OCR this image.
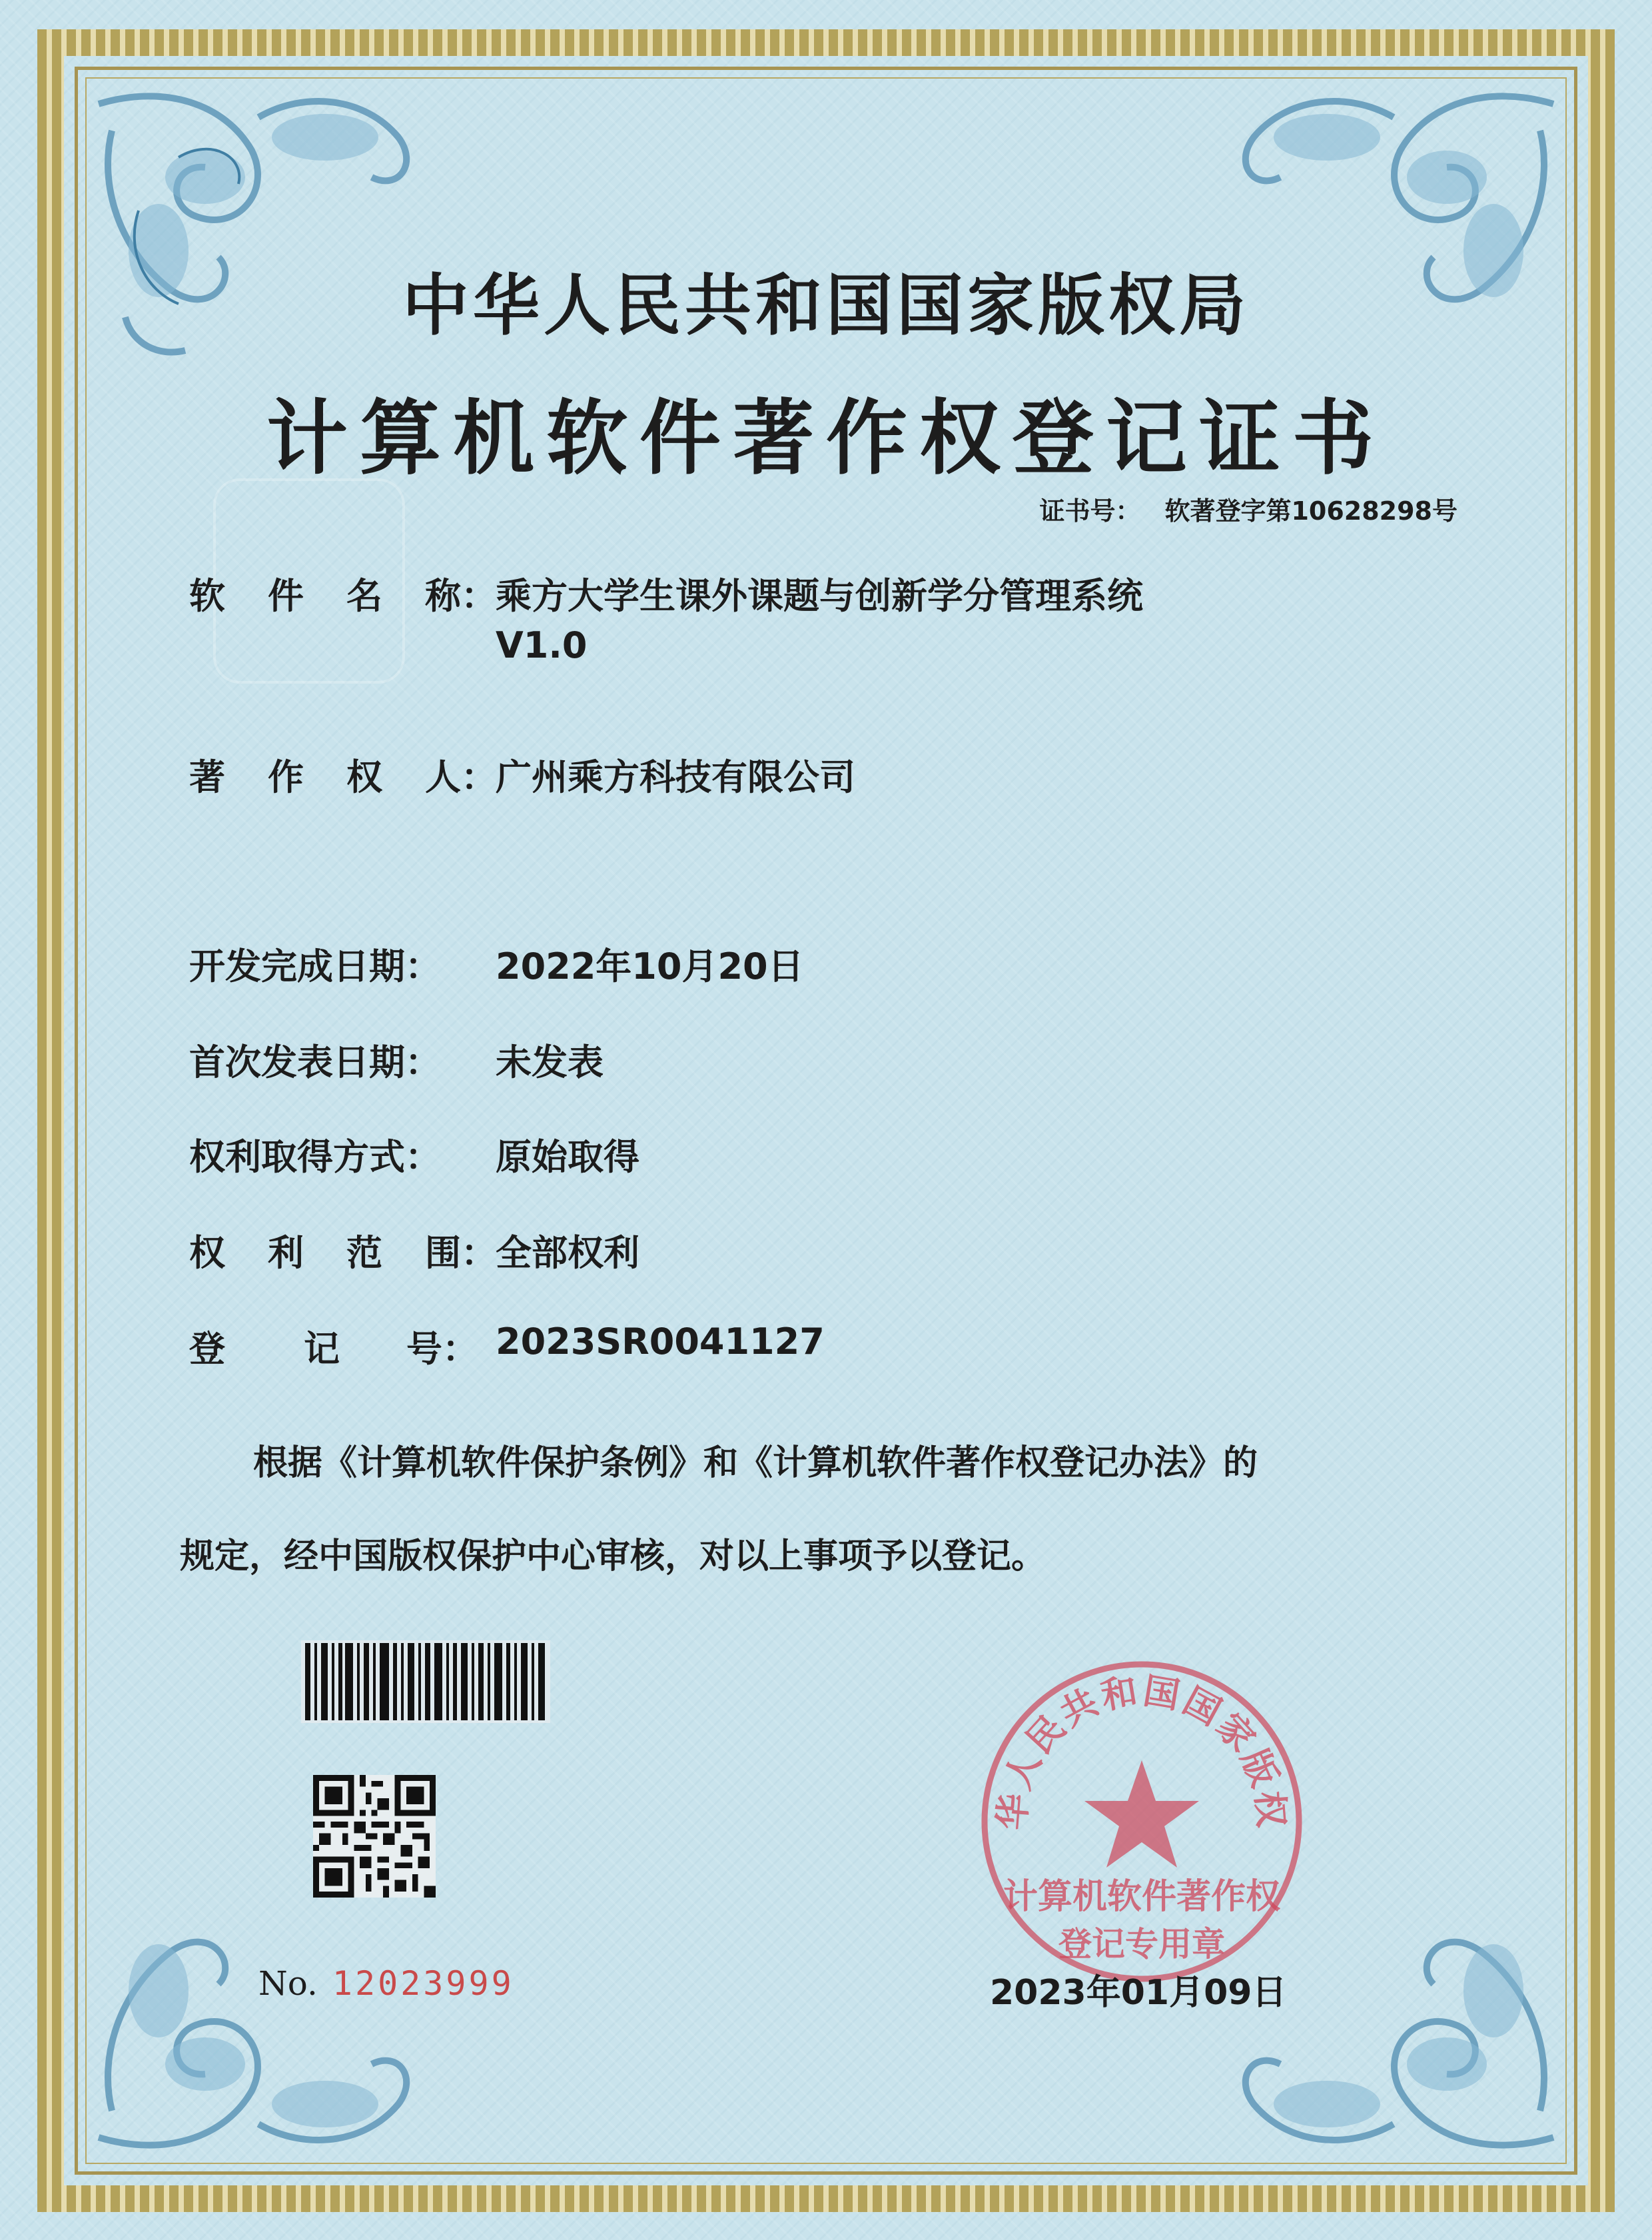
中华人民共和国国家版权局
计算机软件著作权登记证书
证书号： 软著登字第10628298号
软 件 名 称：乘方大学生课外课题与创新学分管理系统
V1.0
著 作 权 人：广州乘方科技有限公司
开发完成日期： 2022年10月20日
首次发表日期： 未发表
权利取得方式： 原始取得
权 利 范 围：全部权利
登 记 号： 2023SR0041127

根据《计算机软件保护条例》和《计算机软件著作权登记办法》的

规定，经中国版权保护中心审核，对以上事项予以登记。

No. 12023999
华人民共和国国家版权
计算机软件著作权
登记专用章
2023年01月09日
